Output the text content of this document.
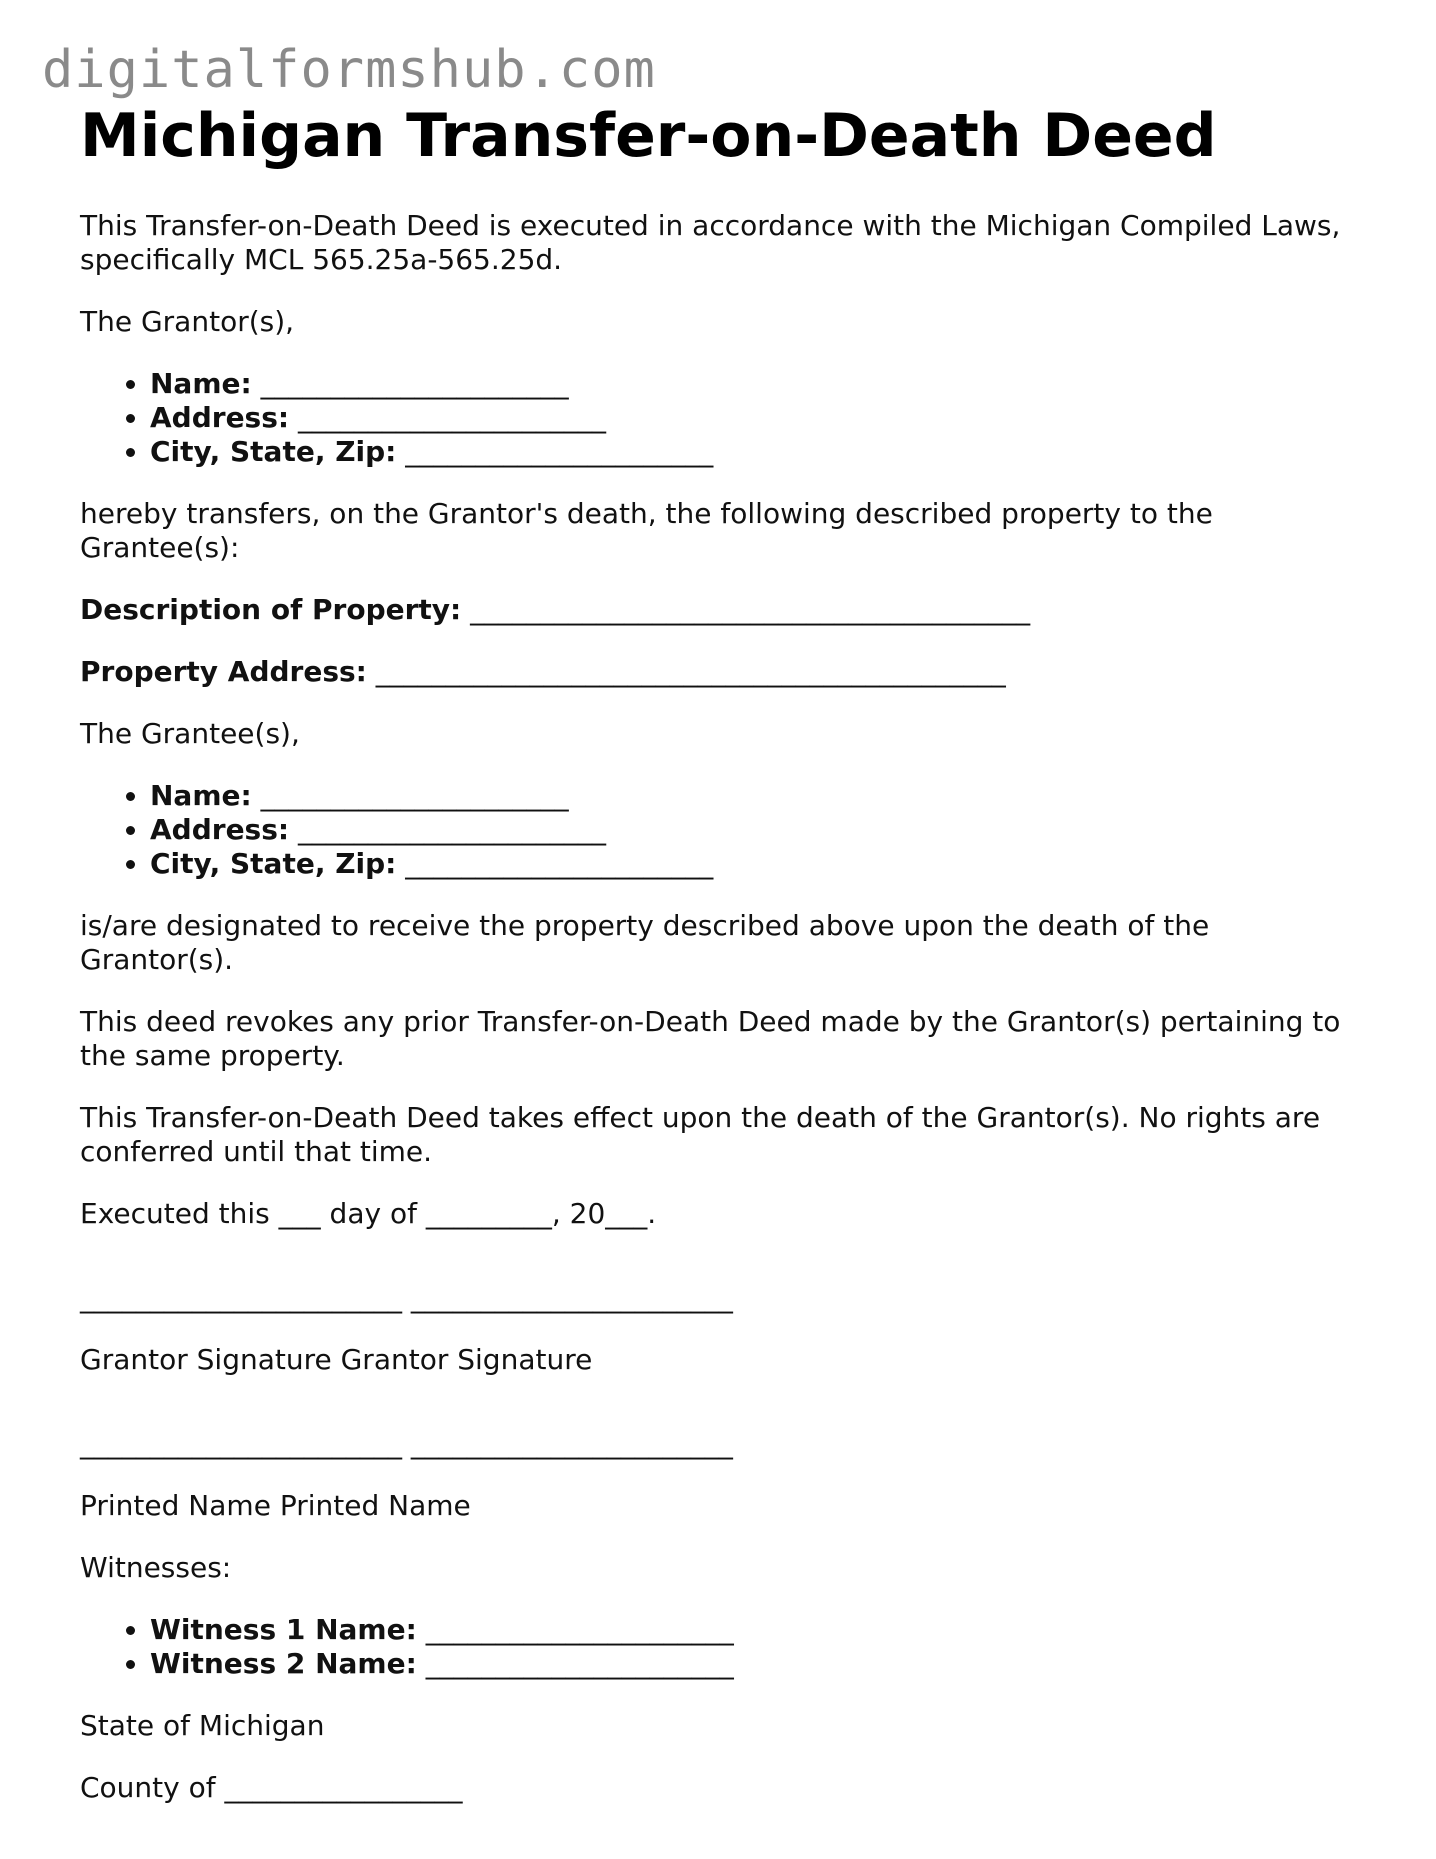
digitalformshub.com
Michigan Transfer-on-Death Deed

This Transfer-on-Death Deed is executed in accordance with the Michigan Compiled Laws, specifically MCL 565.25a-565.25d.

The Grantor(s),

• Name: ______________________
• Address: ______________________
• City, State, Zip: ______________________

hereby transfers, on the Grantor's death, the following described property to the Grantee(s):

Description of Property: ________________________________________

Property Address: _____________________________________________

The Grantee(s),

• Name: ______________________
• Address: ______________________
• City, State, Zip: ______________________

is/are designated to receive the property described above upon the death of the Grantor(s).

This deed revokes any prior Transfer-on-Death Deed made by the Grantor(s) pertaining to the same property.

This Transfer-on-Death Deed takes effect upon the death of the Grantor(s). No rights are conferred until that time.

Executed this ___ day of _________, 20___.

_______________________ _______________________

Grantor Signature Grantor Signature

_______________________ _______________________

Printed Name Printed Name

Witnesses:

• Witness 1 Name: ______________________
• Witness 2 Name: ______________________

State of Michigan

County of _________________
